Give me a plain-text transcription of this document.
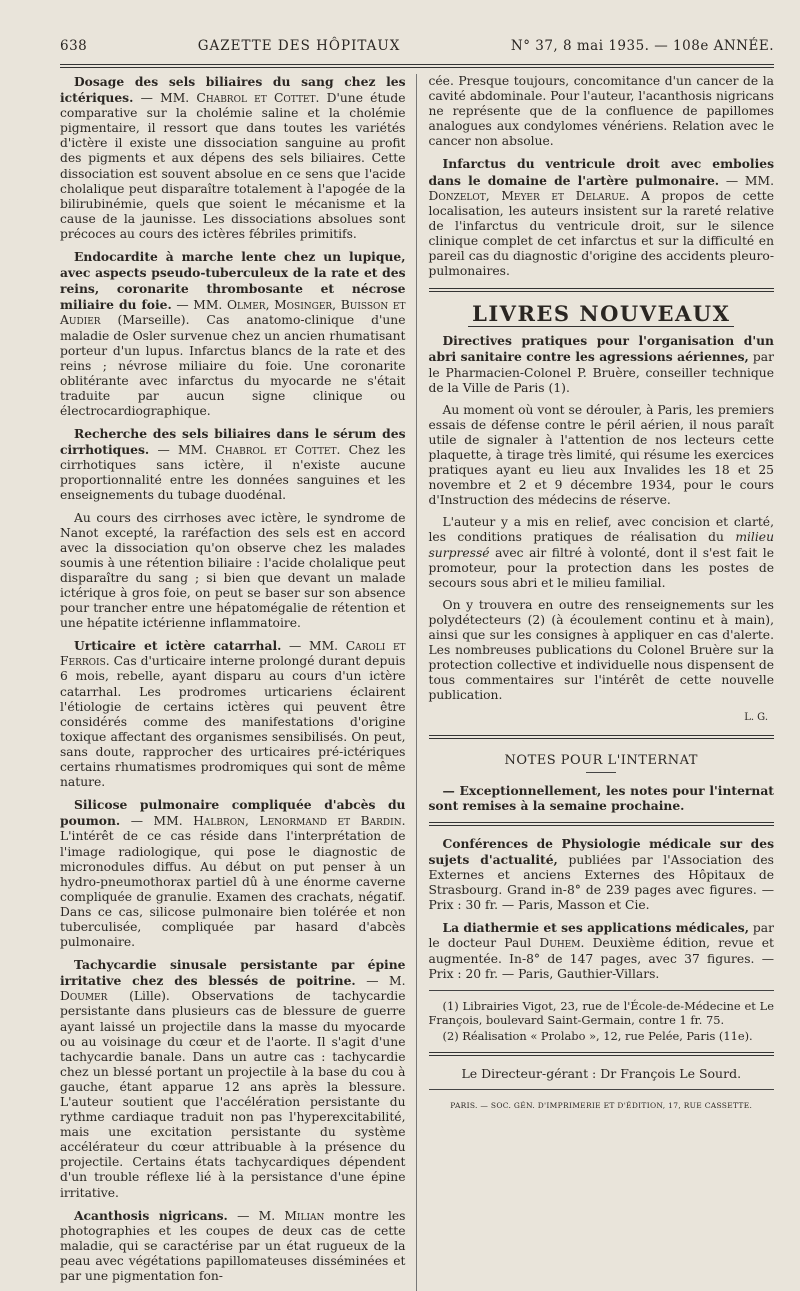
638	GAZETTE DES HÔPITAUX	N° 37, 8 mai 1935. — 108e ANNÉE.

Dosage des sels biliaires du sang chez les ictériques. — MM. Chabrol et Cottet. D'une étude comparative sur la cholémie saline et la cholémie pigmentaire, il ressort que dans toutes les variétés d'ictère il existe une dissociation sanguine au profit des pigments et aux dépens des sels biliaires. Cette dissociation est souvent absolue en ce sens que l'acide cholalique peut disparaître totalement à l'apogée de la bilirubinémie, quels que soient le mécanisme et la cause de la jaunisse. Les dissociations absolues sont précoces au cours des ictères fébriles primitifs.

Endocardite à marche lente chez un lupique, avec aspects pseudo-tuberculeux de la rate et des reins, coronarite thrombosante et nécrose miliaire du foie. — MM. Olmer, Mosinger, Buisson et Audier (Marseille). Cas anatomo-clinique d'une maladie de Osler survenue chez un ancien rhumatisant porteur d'un lupus. Infarctus blancs de la rate et des reins ; névrose miliaire du foie. Une coronarite oblitérante avec infarctus du myocarde ne s'était traduite par aucun signe clinique ou électrocardiographique.

Recherche des sels biliaires dans le sérum des cirrhotiques. — MM. Chabrol et Cottet. Chez les cirrhotiques sans ictère, il n'existe aucune proportionnalité entre les données sanguines et les enseignements du tubage duodénal.

Au cours des cirrhoses avec ictère, le syndrome de Nanot excepté, la raréfaction des sels est en accord avec la dissociation qu'on observe chez les malades soumis à une rétention biliaire : l'acide cholalique peut disparaître du sang ; si bien que devant un malade ictérique à gros foie, on peut se baser sur son absence pour trancher entre une hépatomégalie de rétention et une hépatite ictérienne inflammatoire.

Urticaire et ictère catarrhal. — MM. Caroli et Ferrois. Cas d'urticaire interne prolongé durant depuis 6 mois, rebelle, ayant disparu au cours d'un ictère catarrhal. Les prodromes urticariens éclairent l'étiologie de certains ictères qui peuvent être considérés comme des manifestations d'origine toxique affectant des organismes sensibilisés. On peut, sans doute, rapprocher des urticaires pré-ictériques certains rhumatismes prodromiques qui sont de même nature.

Silicose pulmonaire compliquée d'abcès du poumon. — MM. Halbron, Lenormand et Bardin. L'intérêt de ce cas réside dans l'interprétation de l'image radiologique, qui pose le diagnostic de micronodules diffus. Au début on put penser à un hydro-pneumothorax partiel dû à une énorme caverne compliquée de granulie. Examen des crachats, négatif. Dans ce cas, silicose pulmonaire bien tolérée et non tuberculisée, compliquée par hasard d'abcès pulmonaire.

Tachycardie sinusale persistante par épine irritative chez des blessés de poitrine. — M. Doumer (Lille). Observations de tachycardie persistante dans plusieurs cas de blessure de guerre ayant laissé un projectile dans la masse du myocarde ou au voisinage du cœur et de l'aorte. Il s'agit d'une tachycardie banale. Dans un autre cas : tachycardie chez un blessé portant un projectile à la base du cou à gauche, étant apparue 12 ans après la blessure. L'auteur soutient que l'accélération persistante du rythme cardiaque traduit non pas l'hyperexcitabilité, mais une excitation persistante du système accélérateur du cœur attribuable à la présence du projectile. Certains états tachycardiques dépendent d'un trouble réflexe lié à la persistance d'une épine irritative.

Acanthosis nigricans. — M. Milian montre les photographies et les coupes de deux cas de cette maladie, qui se caractérise par un état rugueux de la peau avec végétations papillomateuses disséminées et par une pigmentation fon-

cée. Presque toujours, concomitance d'un cancer de la cavité abdominale. Pour l'auteur, l'acanthosis nigricans ne représente que de la confluence de papillomes analogues aux condylomes vénériens. Relation avec le cancer non absolue.

Infarctus du ventricule droit avec embolies dans le domaine de l'artère pulmonaire. — MM. Donzelot, Meyer et Delarue. A propos de cette localisation, les auteurs insistent sur la rareté relative de l'infarctus du ventricule droit, sur le silence clinique complet de cet infarctus et sur la difficulté en pareil cas du diagnostic d'origine des accidents pleuro-pulmonaires.

LIVRES NOUVEAUX

Directives pratiques pour l'organisation d'un abri sanitaire contre les agressions aériennes, par le Pharmacien-Colonel P. Bruère, conseiller technique de la Ville de Paris (1).

Au moment où vont se dérouler, à Paris, les premiers essais de défense contre le péril aérien, il nous paraît utile de signaler à l'attention de nos lecteurs cette plaquette, à tirage très limité, qui résume les exercices pratiques ayant eu lieu aux Invalides les 18 et 25 novembre et 2 et 9 décembre 1934, pour le cours d'Instruction des médecins de réserve.

L'auteur y a mis en relief, avec concision et clarté, les conditions pratiques de réalisation du milieu surpressé avec air filtré à volonté, dont il s'est fait le promoteur, pour la protection dans les postes de secours sous abri et le milieu familial.

On y trouvera en outre des renseignements sur les polydétecteurs (2) (à écoulement continu et à main), ainsi que sur les consignes à appliquer en cas d'alerte. Les nombreuses publications du Colonel Bruère sur la protection collective et individuelle nous dispensent de tous commentaires sur l'intérêt de cette nouvelle publication.

L. G.
NOTES POUR L'INTERNAT

— Exceptionnellement, les notes pour l'internat sont remises à la semaine prochaine.

Conférences de Physiologie médicale sur des sujets d'actualité, publiées par l'Association des Externes et anciens Externes des Hôpitaux de Strasbourg. Grand in-8° de 239 pages avec figures. — Prix : 30 fr. — Paris, Masson et Cie.

La diathermie et ses applications médicales, par le docteur Paul Duhem. Deuxième édition, revue et augmentée. In-8° de 147 pages, avec 37 figures. — Prix : 20 fr. — Paris, Gauthier-Villars.

(1) Librairies Vigot, 23, rue de l'École-de-Médecine et Le François, boulevard Saint-Germain, contre 1 fr. 75.

(2) Réalisation « Prolabo », 12, rue Pelée, Paris (11e).

Le Directeur-gérant : Dr François Le Sourd.
PARIS. — SOC. GÉN. D'IMPRIMERIE ET D'ÉDITION, 17, RUE CASSETTE.
